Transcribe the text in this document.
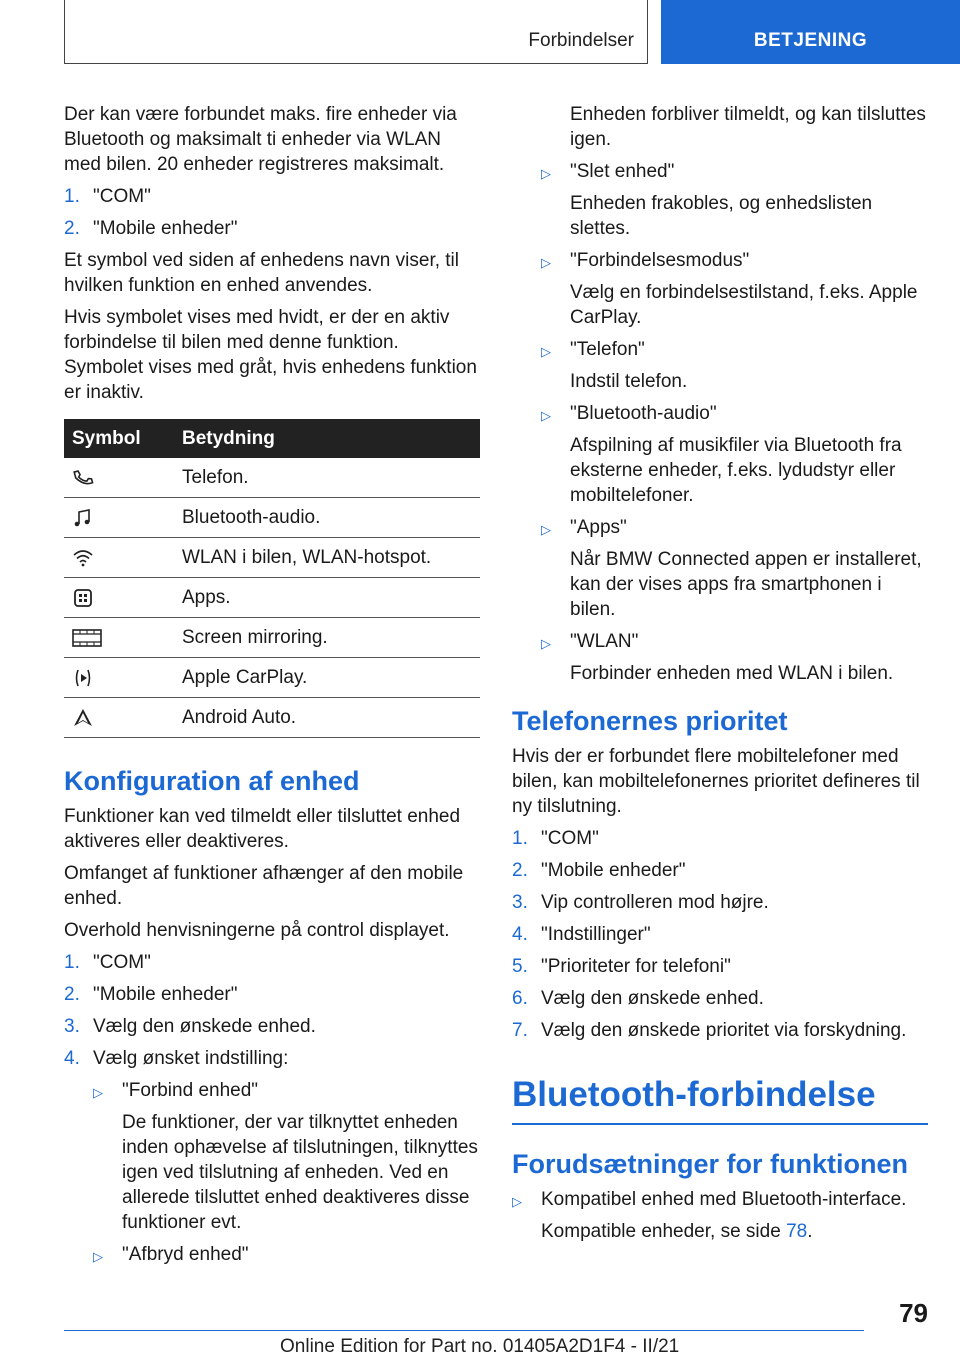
Forbindelser	BETJENING

Der kan være forbundet maks. fire enheder via Bluetooth og maksimalt ti enheder via WLAN med bilen. 20 enheder registreres maksimalt.

1. "COM"
2. "Mobile enheder"

Et symbol ved siden af enhedens navn viser, til hvilken funktion en enhed anvendes.

Hvis symbolet vises med hvidt, er der en aktiv forbindelse til bilen med denne funktion. Symbolet vises med gråt, hvis enhedens funktion er inaktiv.

Symbol	Betydning

	Telefon.

	Bluetooth-audio.

	WLAN i bilen, WLAN-hotspot.

	Apps.

	Screen mirroring.

	Apple CarPlay.

	Android Auto.
Konfiguration af enhed

Funktioner kan ved tilmeldt eller tilsluttet enhed aktiveres eller deaktiveres.

Omfanget af funktioner afhænger af den mobile enhed.

Overhold henvisningerne på control displayet.

1. "COM"
2. "Mobile enheder"
3. Vælg den ønskede enhed.
4. Vælg ønsket indstilling:
▷	"Forbind enhed"
De funktioner, der var tilknyttet enheden inden ophævelse af tilslutningen, tilknyttes igen ved tilslutning af enheden. Ved en allerede tilsluttet enhed deaktiveres disse funktioner evt.
▷	"Afbryd enhed"
Enheden forbliver tilmeldt, og kan tilsluttes igen.
▷	"Slet enhed"
Enheden frakobles, og enhedslisten slettes.
▷	"Forbindelsesmodus"
Vælg en forbindelsestilstand, f.eks. Apple CarPlay.
▷	"Telefon"
Indstil telefon.
▷	"Bluetooth-audio"
Afspilning af musikfiler via Bluetooth fra eksterne enheder, f.eks. lydudstyr eller mobiltelefoner.
▷	"Apps"
Når BMW Connected appen er installeret, kan der vises apps fra smartphonen i bilen.
▷	"WLAN"
Forbinder enheden med WLAN i bilen.
Telefonernes prioritet

Hvis der er forbundet flere mobiltelefoner med bilen, kan mobiltelefonernes prioritet defineres til ny tilslutning.

1. "COM"
2. "Mobile enheder"
3. Vip controlleren mod højre.
4. "Indstillinger"
5. "Prioriteter for telefoni"
6. Vælg den ønskede enhed.
7. Vælg den ønskede prioritet via forskydning.
Bluetooth-forbindelse
Forudsætninger for funktionen
▷	Kompatibel enhed med Bluetooth-interface.
Kompatible enheder, se side 78.
79
Online Edition for Part no. 01405A2D1F4 - II/21
